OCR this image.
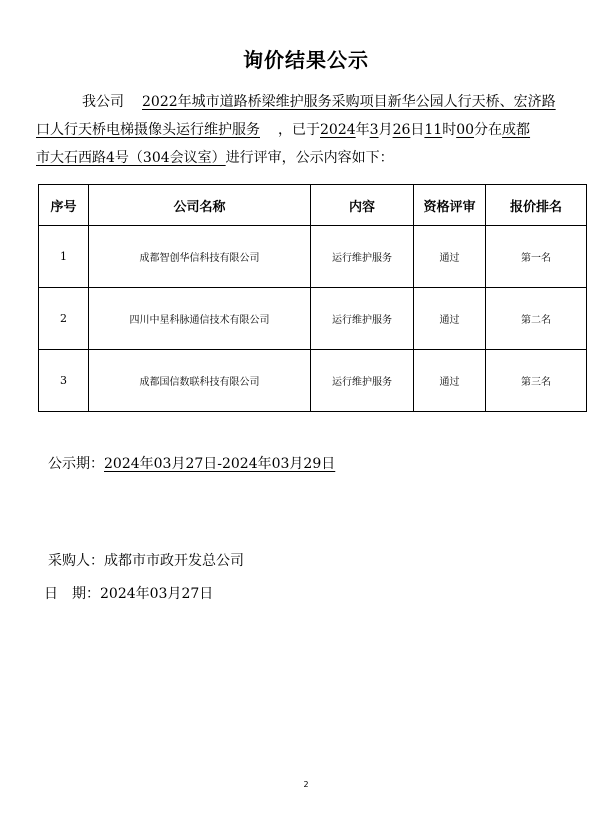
询价结果公示
我公司 2022年城市道路桥梁维护服务采购项目新华公园人行天桥、宏济路
口人行天桥电梯摄像头运行维护服务 ，已于2024年3月26日11时00分在成都
市大石西路4号（304会议室）进行评审，公示内容如下：
序号	公司名称	内容	资格评审	报价排名
1	成都智创华信科技有限公司	运行维护服务	通过	第一名
2	四川中星科脉通信技术有限公司	运行维护服务	通过	第二名
3	成都国信数联科技有限公司	运行维护服务	通过	第三名
公示期：2024年03月27日-2024年03月29日
采购人：成都市市政开发总公司
日　期：2024年03月27日
2
